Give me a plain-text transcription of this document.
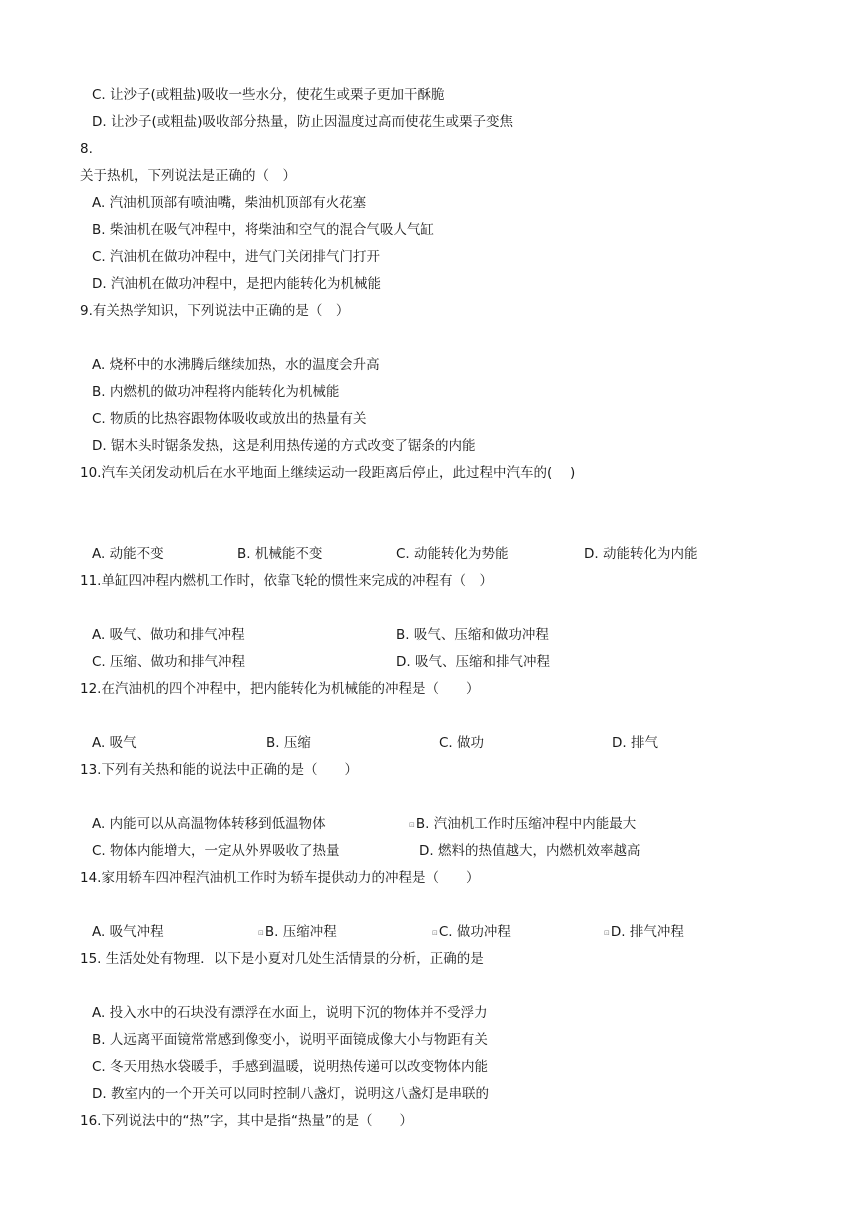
C. 让沙子(或粗盐)吸收一些水分，使花生或栗子更加干酥脆
D. 让沙子(或粗盐)吸收部分热量，防止因温度过高而使花生或栗子变焦
8.
关于热机，下列说法是正确的（　）
A. 汽油机顶部有喷油嘴，柴油机顶部有火花塞
B. 柴油机在吸气冲程中，将柴油和空气的混合气吸人气缸
C. 汽油机在做功冲程中，进气门关闭排气门打开
D. 汽油机在做功冲程中，是把内能转化为机械能
9.有关热学知识，下列说法中正确的是（　）
A. 烧杯中的水沸腾后继续加热，水的温度会升高
B. 内燃机的做功冲程将内能转化为机械能
C. 物质的比热容跟物体吸收或放出的热量有关
D. 锯木头时锯条发热，这是利用热传递的方式改变了锯条的内能
10.汽车关闭发动机后在水平地面上继续运动一段距离后停止，此过程中汽车的(　 )
A. 动能不变	B. 机械能不变	C. 动能转化为势能	D. 动能转化为内能
11.单缸四冲程内燃机工作时，依靠飞轮的惯性来完成的冲程有（　）
A. 吸气、做功和排气冲程	B. 吸气、压缩和做功冲程
C. 压缩、做功和排气冲程	D. 吸气、压缩和排气冲程
12.在汽油机的四个冲程中，把内能转化为机械能的冲程是（　　）
A. 吸气	B. 压缩	C. 做功	D. 排气
13.下列有关热和能的说法中正确的是（　　）
A. 内能可以从高温物体转移到低温物体	⊡B. 汽油机工作时压缩冲程中内能最大
C. 物体内能增大，一定从外界吸收了热量	D. 燃料的热值越大，内燃机效率越高
14.家用轿车四冲程汽油机工作时为轿车提供动力的冲程是（　　）
A. 吸气冲程	⊡B. 压缩冲程	⊡C. 做功冲程	⊡D. 排气冲程
15. 生活处处有物理．以下是小夏对几处生活情景的分析，正确的是
A. 投入水中的石块没有漂浮在水面上，说明下沉的物体并不受浮力
B. 人远离平面镜常常感到像变小，说明平面镜成像大小与物距有关
C. 冬天用热水袋暖手，手感到温暖，说明热传递可以改变物体内能
D. 教室内的一个开关可以同时控制八盏灯，说明这八盏灯是串联的
16.下列说法中的“热”字，其中是指“热量”的是（　　）
